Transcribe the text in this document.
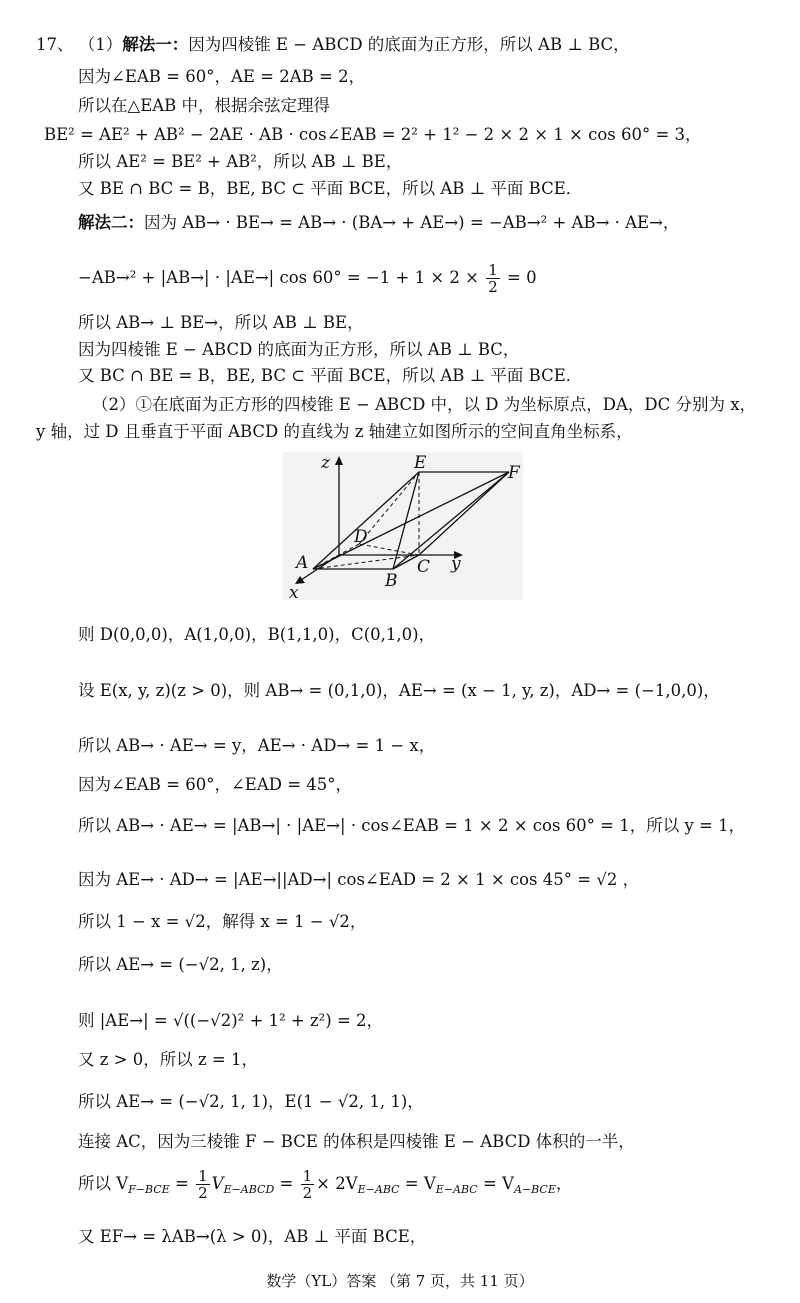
17、 （1）解法一：因为四棱锥 E − ABCD 的底面为正方形，所以 AB ⊥ BC，
因为∠EAB = 60°，AE = 2AB = 2，
所以在△EAB 中，根据余弦定理得
BE² = AE² + AB² − 2AE · AB · cos∠EAB = 2² + 1² − 2 × 2 × 1 × cos 60° = 3，
所以 AE² = BE² + AB²，所以 AB ⊥ BE，
又 BE ∩ BC = B，BE, BC ⊂ 平面 BCE，所以 AB ⊥ 平面 BCE．
解法二：因为 AB→ · BE→ = AB→ · (BA→ + AE→) = −AB→² + AB→ · AE→，
−AB→² + |AB→| · |AE→| $\cos 60^\circ = -1 + 1 \times 2 \times \frac{1}{2} = 0$
所以 AB→ ⊥ BE→，所以 AB ⊥ BE，
因为四棱锥 E − ABCD 的底面为正方形，所以 AB ⊥ BC，
又 BC ∩ BE = B，BE, BC ⊂ 平面 BCE，所以 AB ⊥ 平面 BCE．
（2）①在底面为正方形的四棱锥 E − ABCD 中，以 D 为坐标原点，DA，DC 分别为 x，
y 轴，过 D 且垂直于平面 ABCD 的直线为 z 轴建立如图所示的空间直角坐标系，
z	E	F
D
A
B
C y
x
则 D(0,0,0)，A(1,0,0)，B(1,1,0)，C(0,1,0)，
设 E(x, y, z)(z > 0)，则 AB→ = (0,1,0)，AE→ = (x − 1, y, z)，AD→ = (−1,0,0)，
所以 AB→ · AE→ = y，AE→ · AD→ = 1 − x，
因为∠EAB = 60°，∠EAD = 45°，
所以 AB→ · AE→ = |AB→| · |AE→| · cos∠EAB = 1 × 2 × cos 60° = 1，所以 y = 1，
因为 AE→ · AD→ = |AE→||AD→| cos∠EAD = 2 × 1 × cos 45° = √2 ，
所以 1 − x = √2，解得 x = 1 − √2，
所以 AE→ = (−√2, 1, z)，
则 |AE→| = √((−√2)² + 1² + z²) = 2，
又 z > 0，所以 z = 1，
所以 AE→ = (−√2, 1, 1)，E(1 − √2, 1, 1)，
连接 AC，因为三棱锥 F − BCE 的体积是四棱锥 E − ABCD 体积的一半，
所以 $V_{F-BCE} = \frac{1}{2} V_{E-ABCD} = \frac{1}{2} \times 2V_{E-ABC} = V_{E-ABC} = V_{A-BCE}$，
又 EF→ = λAB→(λ > 0)，AB ⊥ 平面 BCE，
数学（YL）答案 （第 7 页，共 11 页）
